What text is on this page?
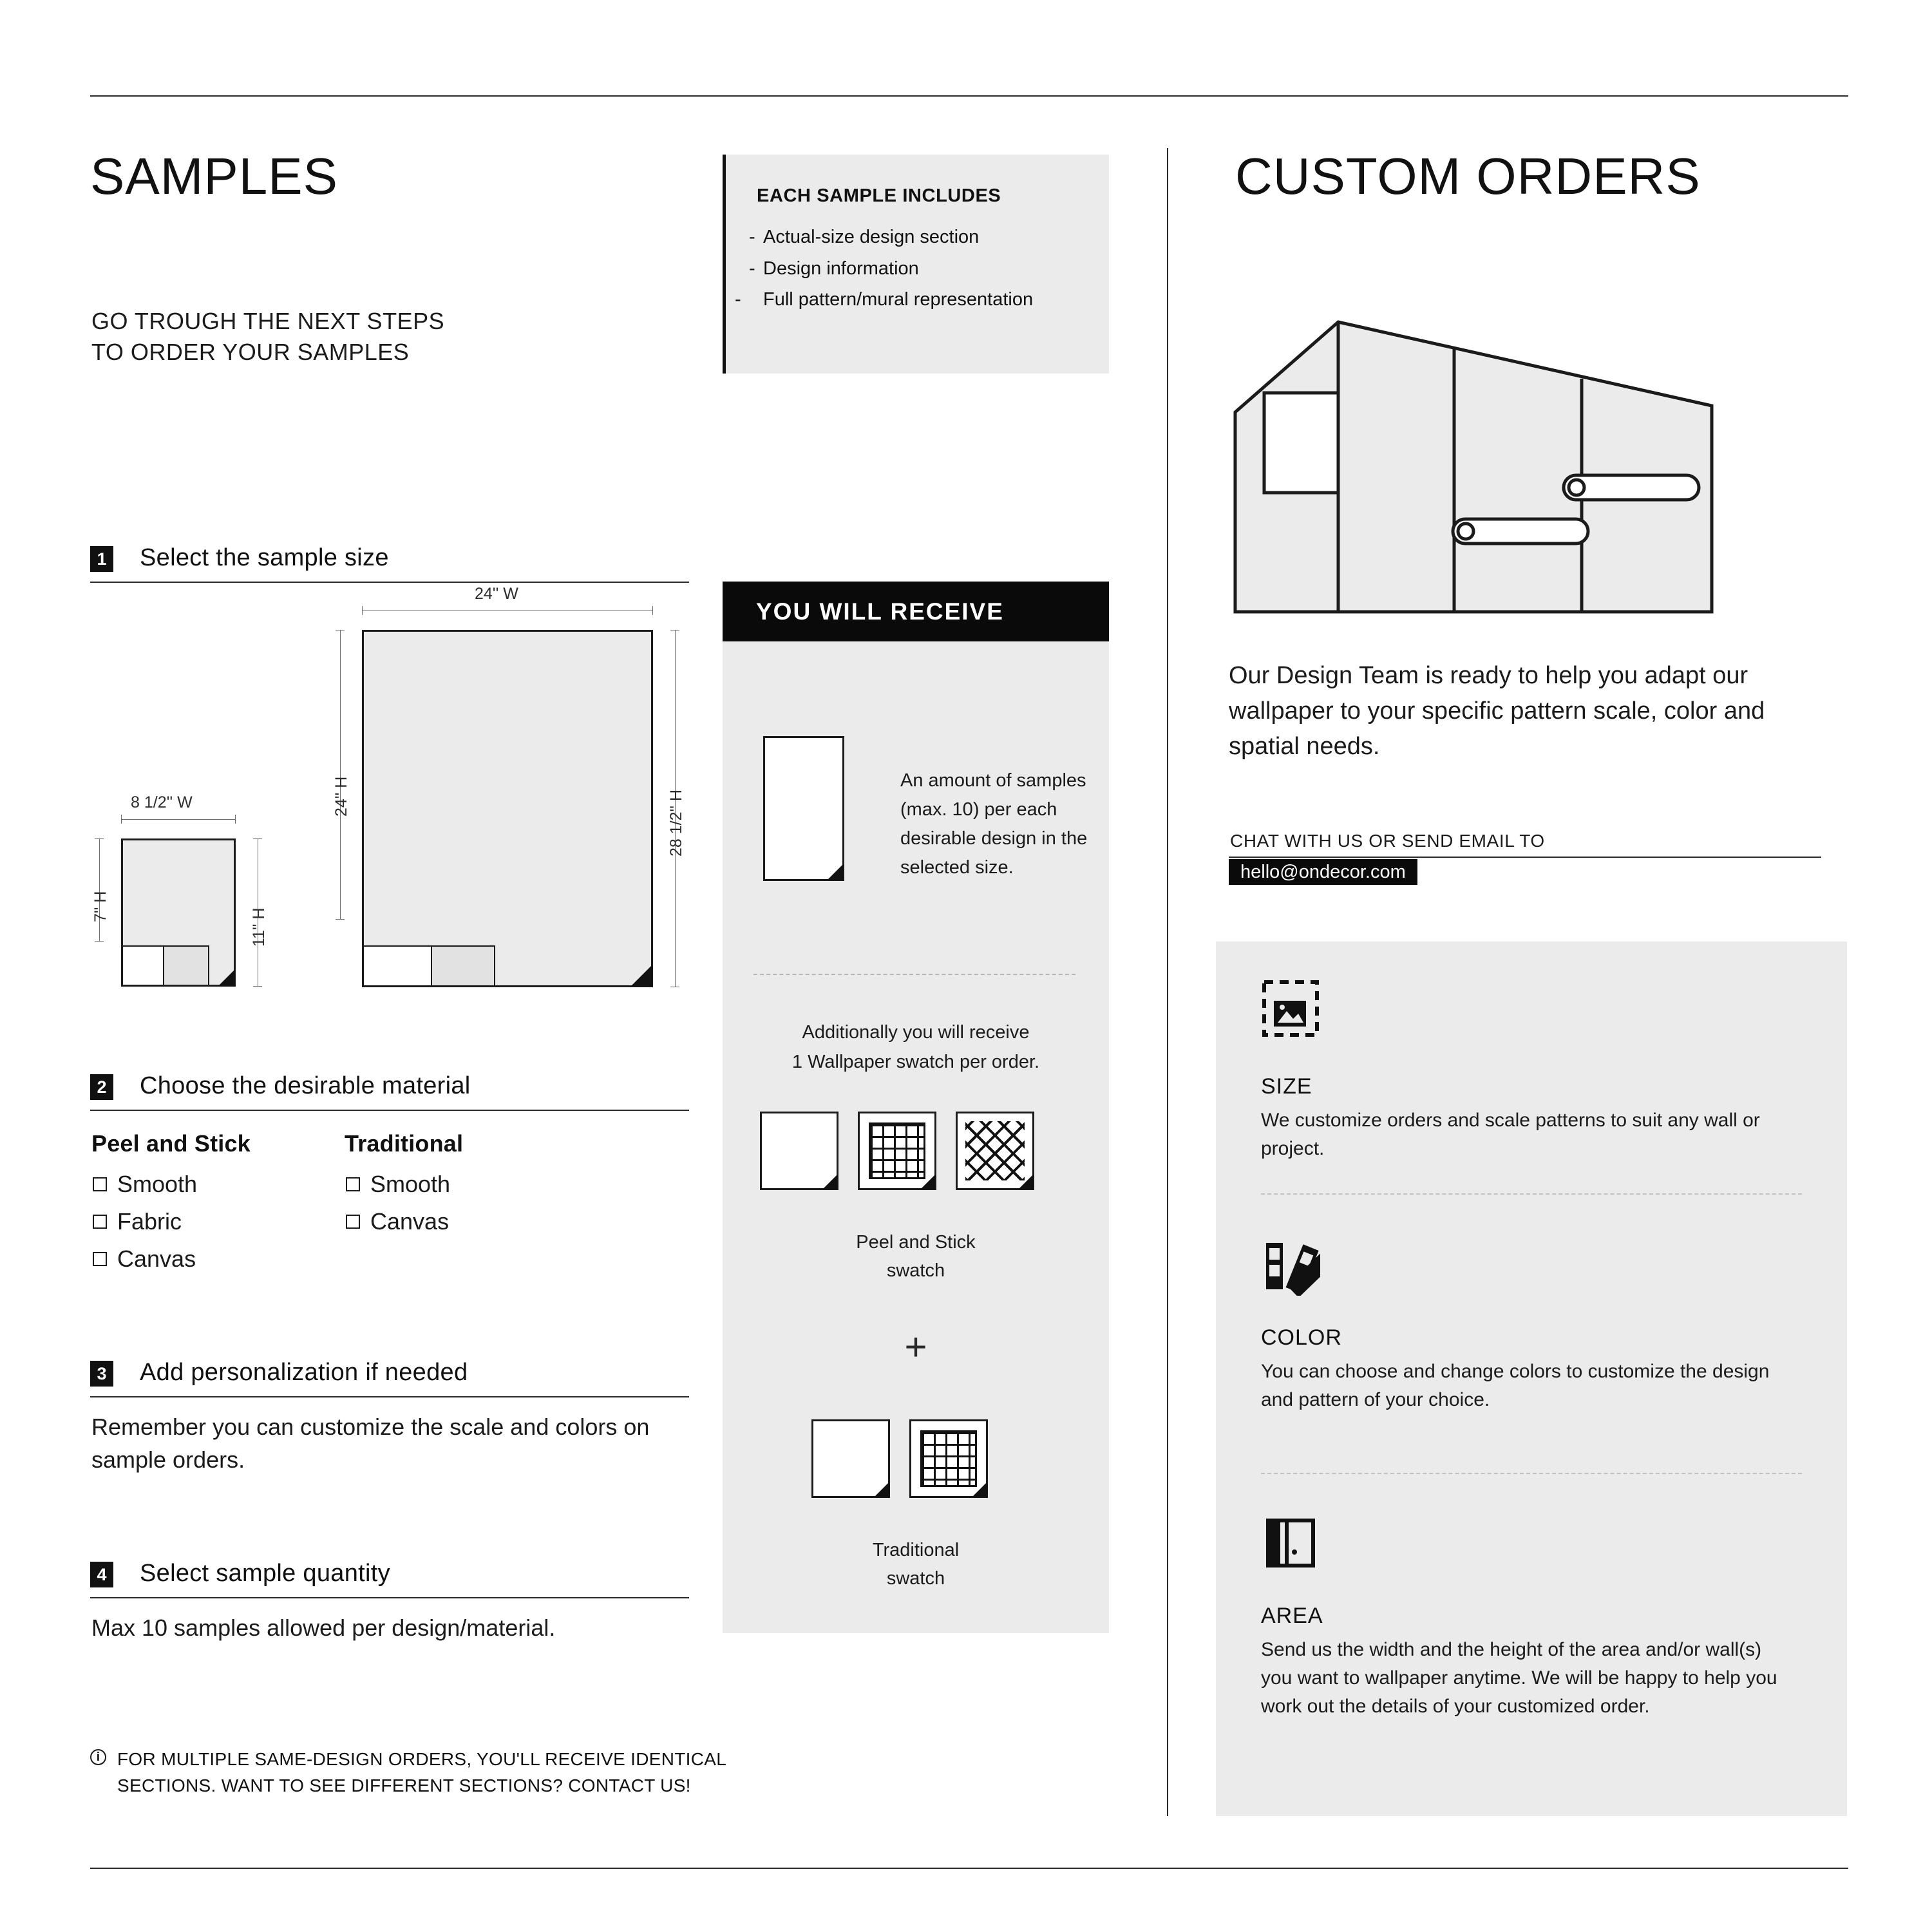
SAMPLES
GO TROUGH THE NEXT STEPS
TO ORDER YOUR SAMPLES
EACH SAMPLE INCLUDES
- Actual-size design section
- Design information
- Full pattern/mural representation
1 Select the sample size
24'' W
24'' H	28 1/2'' H
8 1/2'' W
7'' H
11'' H
2 Choose the desirable material
Peel and Stick
Smooth
Fabric
Canvas
Traditional
Smooth
Canvas
3 Add personalization if needed
Remember you can customize the scale and colors on sample orders.
4 Select sample quantity
Max 10 samples allowed per design/material.
i FOR MULTIPLE SAME-DESIGN ORDERS, YOU'LL RECEIVE IDENTICAL
SECTIONS. WANT TO SEE DIFFERENT SECTIONS? CONTACT US!
YOU WILL RECEIVE
An amount of samples (max. 10) per each desirable design in the selected size.
Additionally you will receive
1 Wallpaper swatch per order.
Peel and Stick
swatch
+
Traditional
swatch
CUSTOM ORDERS
Our Design Team is ready to help you adapt our wallpaper to your specific pattern scale, color and spatial needs.
CHAT WITH US OR SEND EMAIL TO
hello@ondecor.com
SIZE
We customize orders and scale patterns to suit any wall or project.
COLOR
You can choose and change colors to customize the design and pattern of your choice.
AREA
Send us the width and the height of the area and/or wall(s) you want to wallpaper anytime. We will be happy to help you work out the details of your customized order.
